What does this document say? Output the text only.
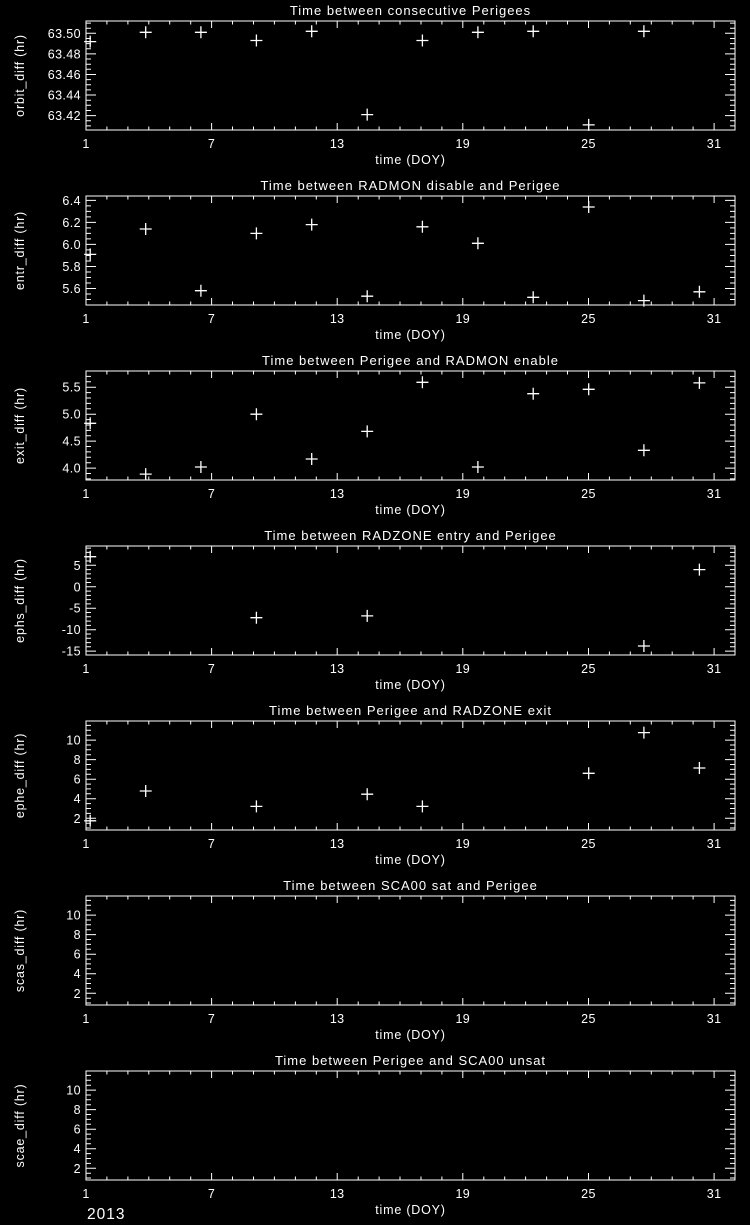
Time between consecutive Perigees
1	7	13	19	25	31
time (DOY)
63.42
63.44
63.46
63.48
63.50
orbit_diff (hr)
Time between RADMON disable and Perigee
1	7	13	19	25	31
time (DOY)
5.6
5.8
6.0
6.2
6.4
entr_diff (hr)
Time between Perigee and RADMON enable
1	7	13	19	25	31
time (DOY)
4.0
4.5
5.0
5.5
exit_diff (hr)
Time between RADZONE entry and Perigee
1	7	13	19	25	31
time (DOY)
-15
-10
-5
0
5
ephs_diff (hr)
Time between Perigee and RADZONE exit
1	7	13	19	25	31
time (DOY)
2
4
6
8
10
ephe_diff (hr)
Time between SCA00 sat and Perigee
1	7	13	19	25	31
time (DOY)
2
4
6
8
10
scas_diff (hr)
Time between Perigee and SCA00 unsat
1	7	13	19	25	31
time (DOY)
2
4
6
8
10
scae_diff (hr)
2013
